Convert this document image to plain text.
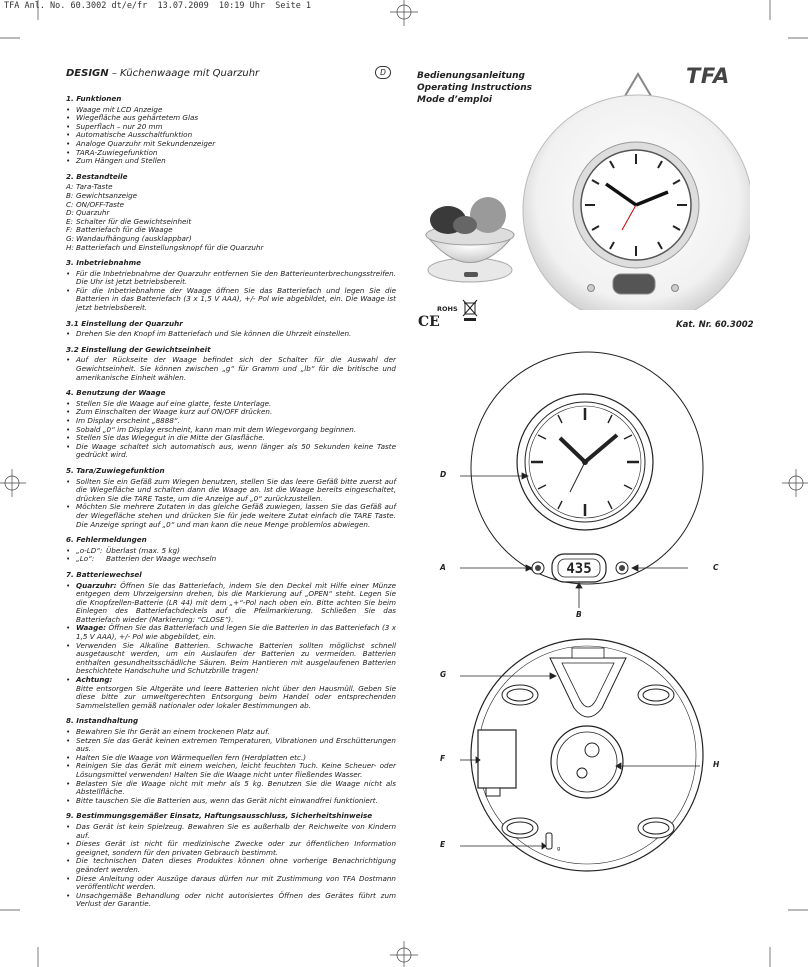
TFA Anl. No. 60.3002 dt/e/fr  13.07.2009  10:19 Uhr  Seite 1
DESIGN – Küchenwaage mit Quarzuhr	D	Bedienungsanleitung
Operating Instructions
Mode d’emploi
TFA
CE
ROHS
Kat. Nr. 60.3002
435
D
A	C
B
g
G
F
H
E
1. Funktionen
• Waage mit LCD Anzeige
• Wiegefläche aus gehärtetem Glas
• Superflach – nur 20 mm
• Automatische Ausschaltfunktion
• Analoge Quarzuhr mit Sekundenzeiger
• TARA-Zuwiegefunktion
• Zum Hängen und Stellen
2. Bestandteile
A: Tara-Taste
B: Gewichtsanzeige
C: ON/OFF-Taste
D: Quarzuhr
E: Schalter für die Gewichtseinheit
F: Batteriefach für die Waage
G: Wandaufhängung (ausklappbar)
H: Batteriefach und Einstellungsknopf für die Quarzuhr
3. Inbetriebnahme
• Für die Inbetriebnahme der Quarzuhr entfernen Sie den Batterieunterbrechungsstreifen. Die Uhr ist jetzt betriebsbereit.
• Für die Inbetriebnahme der Waage öffnen Sie das Batteriefach und legen Sie die Batterien in das Batteriefach (3 x 1,5 V AAA), +/- Pol wie abgebildet, ein. Die Waage ist jetzt betriebsbereit.
3.1 Einstellung der Quarzuhr
• Drehen Sie den Knopf im Batteriefach und Sie können die Uhrzeit einstellen.
3.2 Einstellung der Gewichtseinheit
• Auf der Rückseite der Waage befindet sich der Schalter für die Auswahl der Gewichtseinheit. Sie können zwischen „g“ für Gramm und „lb“ für die britische und amerikanische Einheit wählen.
4. Benutzung der Waage
• Stellen Sie die Waage auf eine glatte, feste Unterlage.
• Zum Einschalten der Waage kurz auf ON/OFF drücken.
• Im Display erscheint „8888“.
• Sobald „0“ im Display erscheint, kann man mit dem Wiegevorgang beginnen.
• Stellen Sie das Wiegegut in die Mitte der Glasfläche.
• Die Waage schaltet sich automatisch aus, wenn länger als 50 Sekunden keine Taste gedrückt wird.
5. Tara/Zuwiegefunktion
• Sollten Sie ein Gefäß zum Wiegen benutzen, stellen Sie das leere Gefäß bitte zuerst auf die Wiegefläche und schalten dann die Waage an. Ist die Waage bereits eingeschaltet, drücken Sie die TARE Taste, um die Anzeige auf „0“ zurückzustellen.
• Möchten Sie mehrere Zutaten in das gleiche Gefäß zuwiegen, lassen Sie das Gefäß auf der Wiegefläche stehen und drücken Sie für jede weitere Zutat einfach die TARE Taste. Die Anzeige springt auf „0“ und man kann die neue Menge problemlos abwiegen.
6. Fehlermeldungen
• „o-LD“: Überlast (max. 5 kg)
• „Lo“: Batterien der Waage wechseln
7. Batteriewechsel
• Quarzuhr: Öffnen Sie das Batteriefach, indem Sie den Deckel mit Hilfe einer Münze entgegen dem Uhrzeigersinn drehen, bis die Markierung auf „OPEN“ steht. Legen Sie die Knopfzellen-Batterie (LR 44) mit dem „+“-Pol nach oben ein. Bitte achten Sie beim Einlegen des Batteriefachdeckels auf die Pfeilmarkierung. Schließen Sie das Batteriefach wieder (Markierung: “CLOSE”).
• Waage: Öffnen Sie das Batteriefach und legen Sie die Batterien in das Batteriefach (3 x 1,5 V AAA), +/- Pol wie abgebildet, ein.
• Verwenden Sie Alkaline Batterien. Schwache Batterien sollten möglichst schnell ausgetauscht werden, um ein Auslaufen der Batterien zu vermeiden. Batterien enthalten gesundheitsschädliche Säuren. Beim Hantieren mit ausgelaufenen Batterien beschichtete Handschuhe und Schutzbrille tragen!
• Achtung:
Bitte entsorgen Sie Altgeräte und leere Batterien nicht über den Hausmüll. Geben Sie diese bitte zur umweltgerechten Entsorgung beim Handel oder entsprechenden Sammelstellen gemäß nationaler oder lokaler Bestimmungen ab.
8. Instandhaltung
• Bewahren Sie Ihr Gerät an einem trockenen Platz auf.
• Setzen Sie das Gerät keinen extremen Temperaturen, Vibrationen und Erschütterungen aus.
• Halten Sie die Waage von Wärmequellen fern (Herdplatten etc.)
• Reinigen Sie das Gerät mit einem weichen, leicht feuchten Tuch. Keine Scheuer- oder Lösungsmittel verwenden! Halten Sie die Waage nicht unter fließendes Wasser.
• Belasten Sie die Waage nicht mit mehr als 5 kg. Benutzen Sie die Waage nicht als Abstellfläche.
• Bitte tauschen Sie die Batterien aus, wenn das Gerät nicht einwandfrei funktioniert.
9. Bestimmungsgemäßer Einsatz, Haftungsausschluss, Sicherheitshinweise
• Das Gerät ist kein Spielzeug. Bewahren Sie es außerhalb der Reichweite von Kindern auf.
• Dieses Gerät ist nicht für medizinische Zwecke oder zur öffentlichen Information geeignet, sondern für den privaten Gebrauch bestimmt.
• Die technischen Daten dieses Produktes können ohne vorherige Benachrichtigung geändert werden.
• Diese Anleitung oder Auszüge daraus dürfen nur mit Zustimmung von TFA Dostmann veröffentlicht werden.
• Unsachgemäße Behandlung oder nicht autorisiertes Öffnen des Gerätes führt zum Verlust der Garantie.
